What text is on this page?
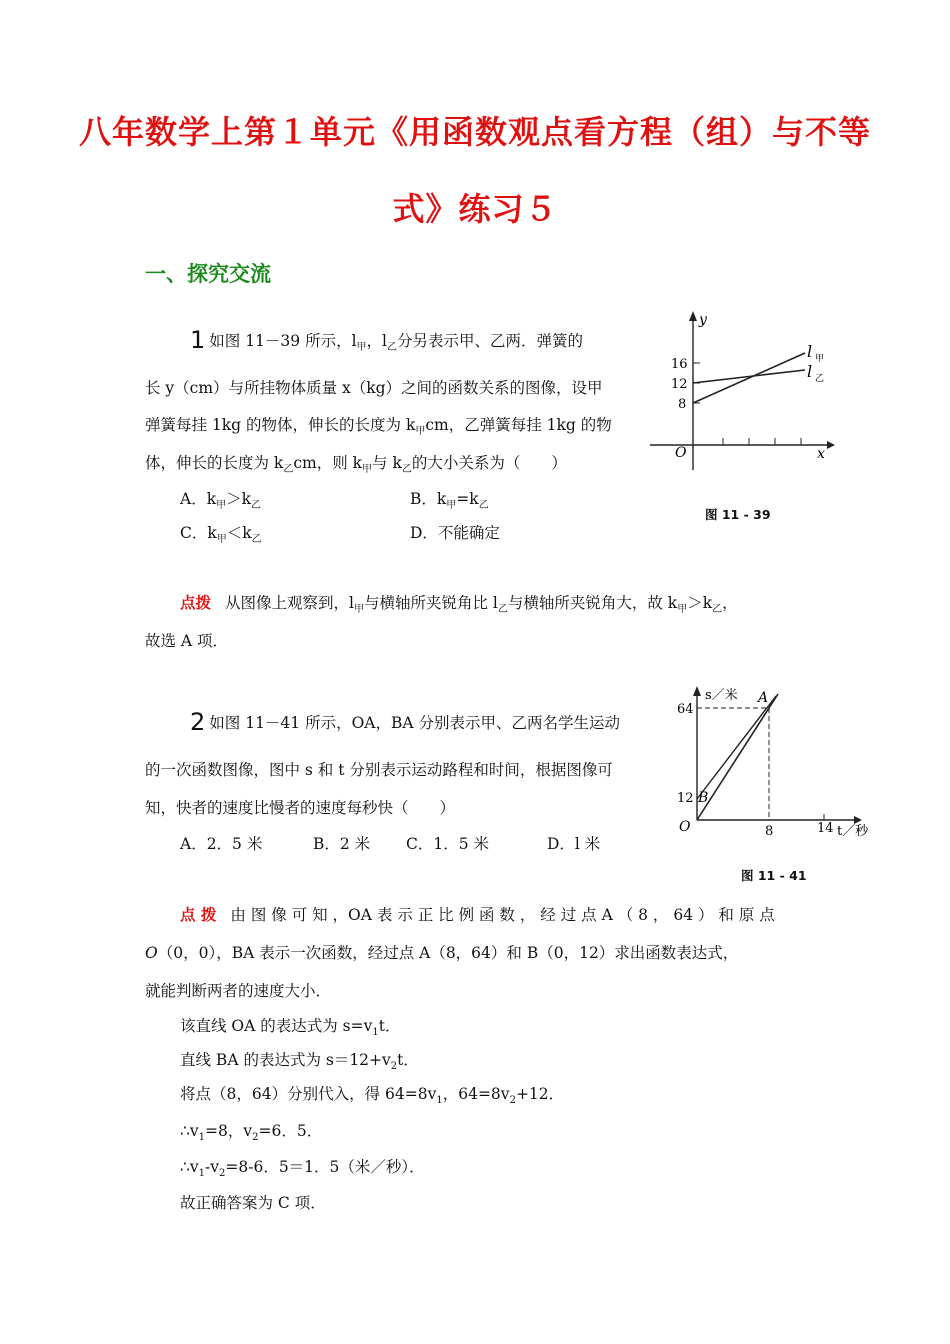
八年数学上第１单元《用函数观点看方程（组）与不等
式》练习５
一、探究交流
1 如图 11－39 所示，$l_甲$，$l_乙$分另表示甲、乙两．弹簧的
长 y（cm）与所挂物体质量 x（kg）之间的函数关系的图像，设甲
弹簧每挂 1kg 的物体，伸长的长度为 $k_甲cm$，乙弹簧每挂 1kg 的物
体，伸长的长度为 $k_乙cm$，则 $k_甲$与 $k_乙$的大小关系为（　　）
A．$k_甲>k_乙$	B．$k_甲=k_乙$
C．$k_甲<k_乙$	D．不能确定
点拨 从图像上观察到，$l_甲$与横轴所夹锐角比 $l_乙$与横轴所夹锐角大，故 $k_甲>k_乙$，
故选 A 项．
y
x
O
16
12
8
l 甲
l 乙
图 11 - 39
2 如图 11－41 所示，OA，BA 分别表示甲、乙两名学生运动
的一次函数图像，图中 s 和 t 分别表示运动路程和时间，根据图像可
知，快者的速度比慢者的速度每秒快（　　）
A．2．5 米	B．2 米 C．1．5 米	D．l 米
s／米
t／秒
O
64
12
8	14
A
B
图 11 - 41
点 拨 由 图 像 可 知 ，OA 表 示 正 比 例 函 数 ， 经 过 点 A （ 8 ， 64 ） 和 原 点
O（0，0），BA 表示一次函数，经过点 A（8，64）和 B（0，12）求出函数表达式，
就能判断两者的速度大小．
该直线 OA 的表达式为 $s=v_1t$．
直线 BA 的表达式为 $s=12+v_2t$．
将点（8，64）分别代入，得 $64=8v_1$，$64=8v_2+12$．
$\therefore v_1=8$，$v_2=6$．5．
$\therefore v_1-v_2=8-6$．5＝1．5（米／秒）．
故正确答案为 C 项．
